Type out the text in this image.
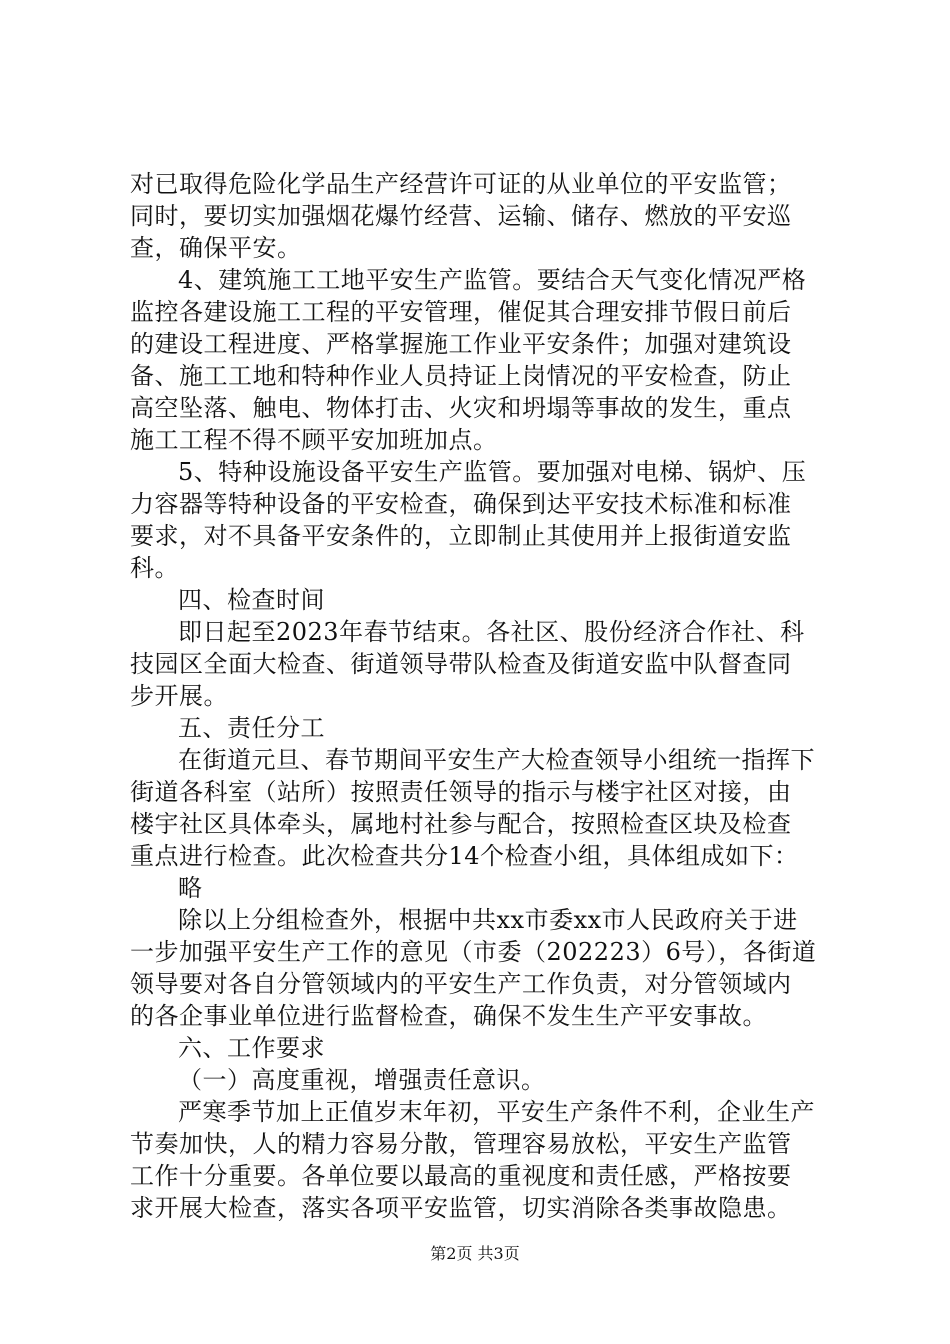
对已取得危险化学品生产经营许可证的从业单位的平安监管；
同时，要切实加强烟花爆竹经营、运输、储存、燃放的平安巡
查，确保平安。
4、建筑施工工地平安生产监管。要结合天气变化情况严格
监控各建设施工工程的平安管理，催促其合理安排节假日前后
的建设工程进度、严格掌握施工作业平安条件；加强对建筑设
备、施工工地和特种作业人员持证上岗情况的平安检查，防止
高空坠落、触电、物体打击、火灾和坍塌等事故的发生，重点
施工工程不得不顾平安加班加点。
5、特种设施设备平安生产监管。要加强对电梯、锅炉、压
力容器等特种设备的平安检查，确保到达平安技术标准和标准
要求，对不具备平安条件的，立即制止其使用并上报街道安监
科。
四、检查时间
即日起至2023年春节结束。各社区、股份经济合作社、科
技园区全面大检查、街道领导带队检查及街道安监中队督查同
步开展。
五、责任分工
在街道元旦、春节期间平安生产大检查领导小组统一指挥下
街道各科室（站所）按照责任领导的指示与楼宇社区对接，由
楼宇社区具体牵头，属地村社参与配合，按照检查区块及检查
重点进行检查。此次检查共分14个检查小组，具体组成如下：
略
除以上分组检查外，根据中共xx市委xx市人民政府关于进
一步加强平安生产工作的意见（市委（202223）6号），各街道
领导要对各自分管领域内的平安生产工作负责，对分管领域内
的各企事业单位进行监督检查，确保不发生生产平安事故。
六、工作要求
（一）高度重视，增强责任意识。
严寒季节加上正值岁末年初，平安生产条件不利，企业生产
节奏加快，人的精力容易分散，管理容易放松，平安生产监管
工作十分重要。各单位要以最高的重视度和责任感，严格按要
求开展大检查，落实各项平安监管，切实消除各类事故隐患。
第2页 共3页
